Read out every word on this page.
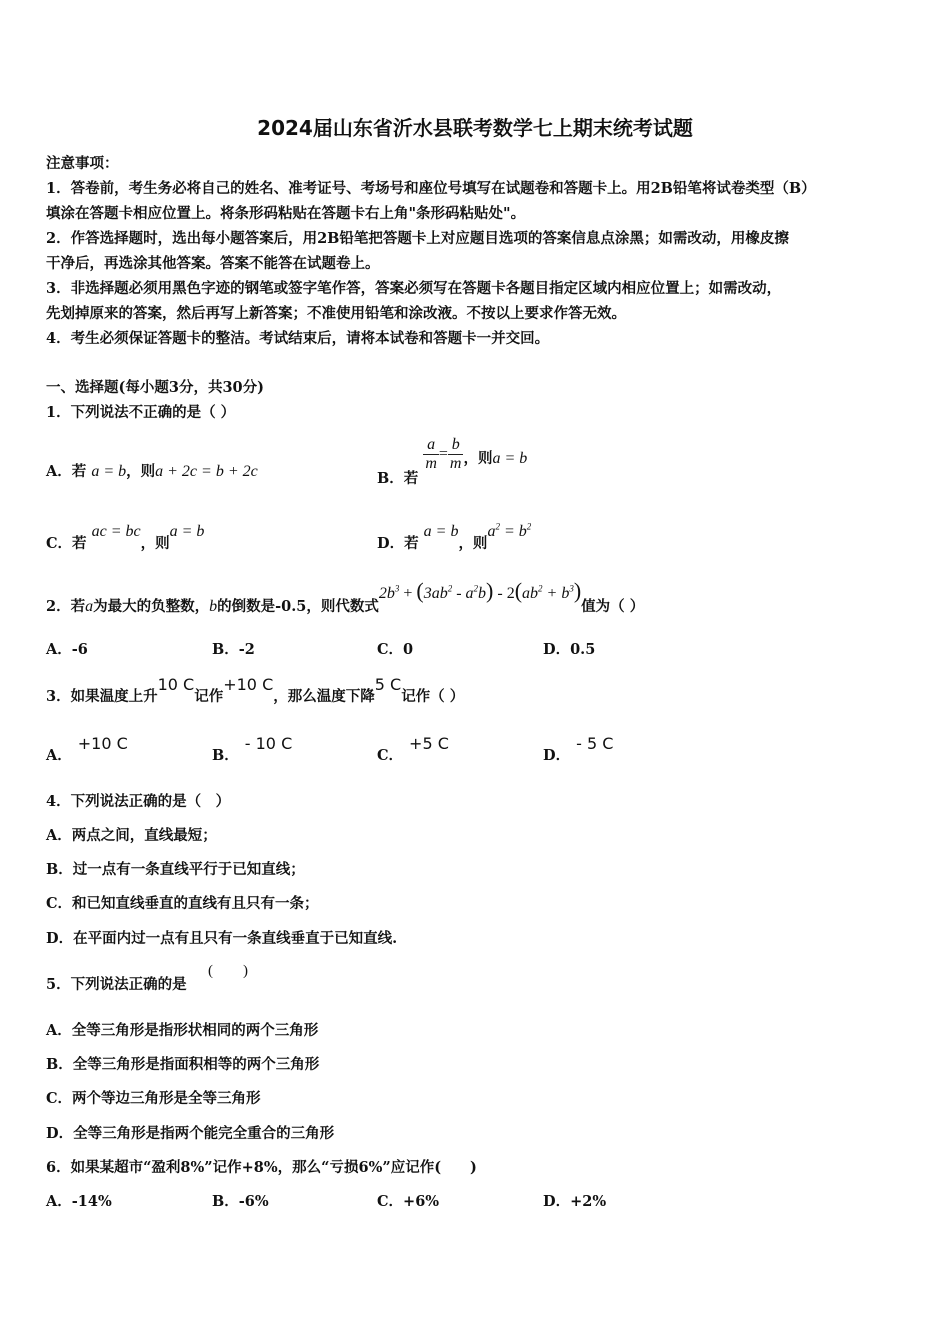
2024届山东省沂水县联考数学七上期末统考试题
注意事项：
1．答卷前，考生务必将自己的姓名、准考证号、考场号和座位号填写在试题卷和答题卡上。用2B铅笔将试卷类型（B）
填涂在答题卡相应位置上。将条形码粘贴在答题卡右上角"条形码粘贴处"。
2．作答选择题时，选出每小题答案后，用2B铅笔把答题卡上对应题目选项的答案信息点涂黑；如需改动，用橡皮擦
干净后，再选涂其他答案。答案不能答在试题卷上。
3．非选择题必须用黑色字迹的钢笔或签字笔作答，答案必须写在答题卡各题目指定区域内相应位置上；如需改动，
先划掉原来的答案，然后再写上新答案；不准使用铅笔和涂改液。不按以上要求作答无效。
4．考生必须保证答题卡的整洁。考试结束后，请将本试卷和答题卡一并交回。
一、选择题(每小题3分，共30分)
1．下列说法不正确的是（ ）
A．若 a = b，则a + 2c = b + 2c	B．若
$\frac{a}{m} = \frac{b}{m}$ ，则a = b
C．若 ac = bc，则a = b
D．若 a = b，则$a^2 = b^2$
2．若a为最大的负整数，b的倒数是-0.5，则代数式$2b^3 + (3ab^2 - a^2b) - 2(ab^2 + b^3)$值为（ ）
A．-6	B．-2	C．0	D．0.5
3．如果温度上升10 C记作+10 C，那么温度下降5 C记作（ ）
A．+10 C
B．- 10 C
C．+5 C
D．- 5 C
4．下列说法正确的是（　）
A．两点之间，直线最短；
B．过一点有一条直线平行于已知直线；
C．和已知直线垂直的直线有且只有一条；
D．在平面内过一点有且只有一条直线垂直于已知直线.
5．下列说法正确的是
(　　)
A．全等三角形是指形状相同的两个三角形
B．全等三角形是指面积相等的两个三角形
C．两个等边三角形是全等三角形
D．全等三角形是指两个能完全重合的三角形
6．如果某超市“盈利8%”记作+8%，那么“亏损6%”应记作(　　)
A．-14%	B．-6%	C．+6%	D．+2%
